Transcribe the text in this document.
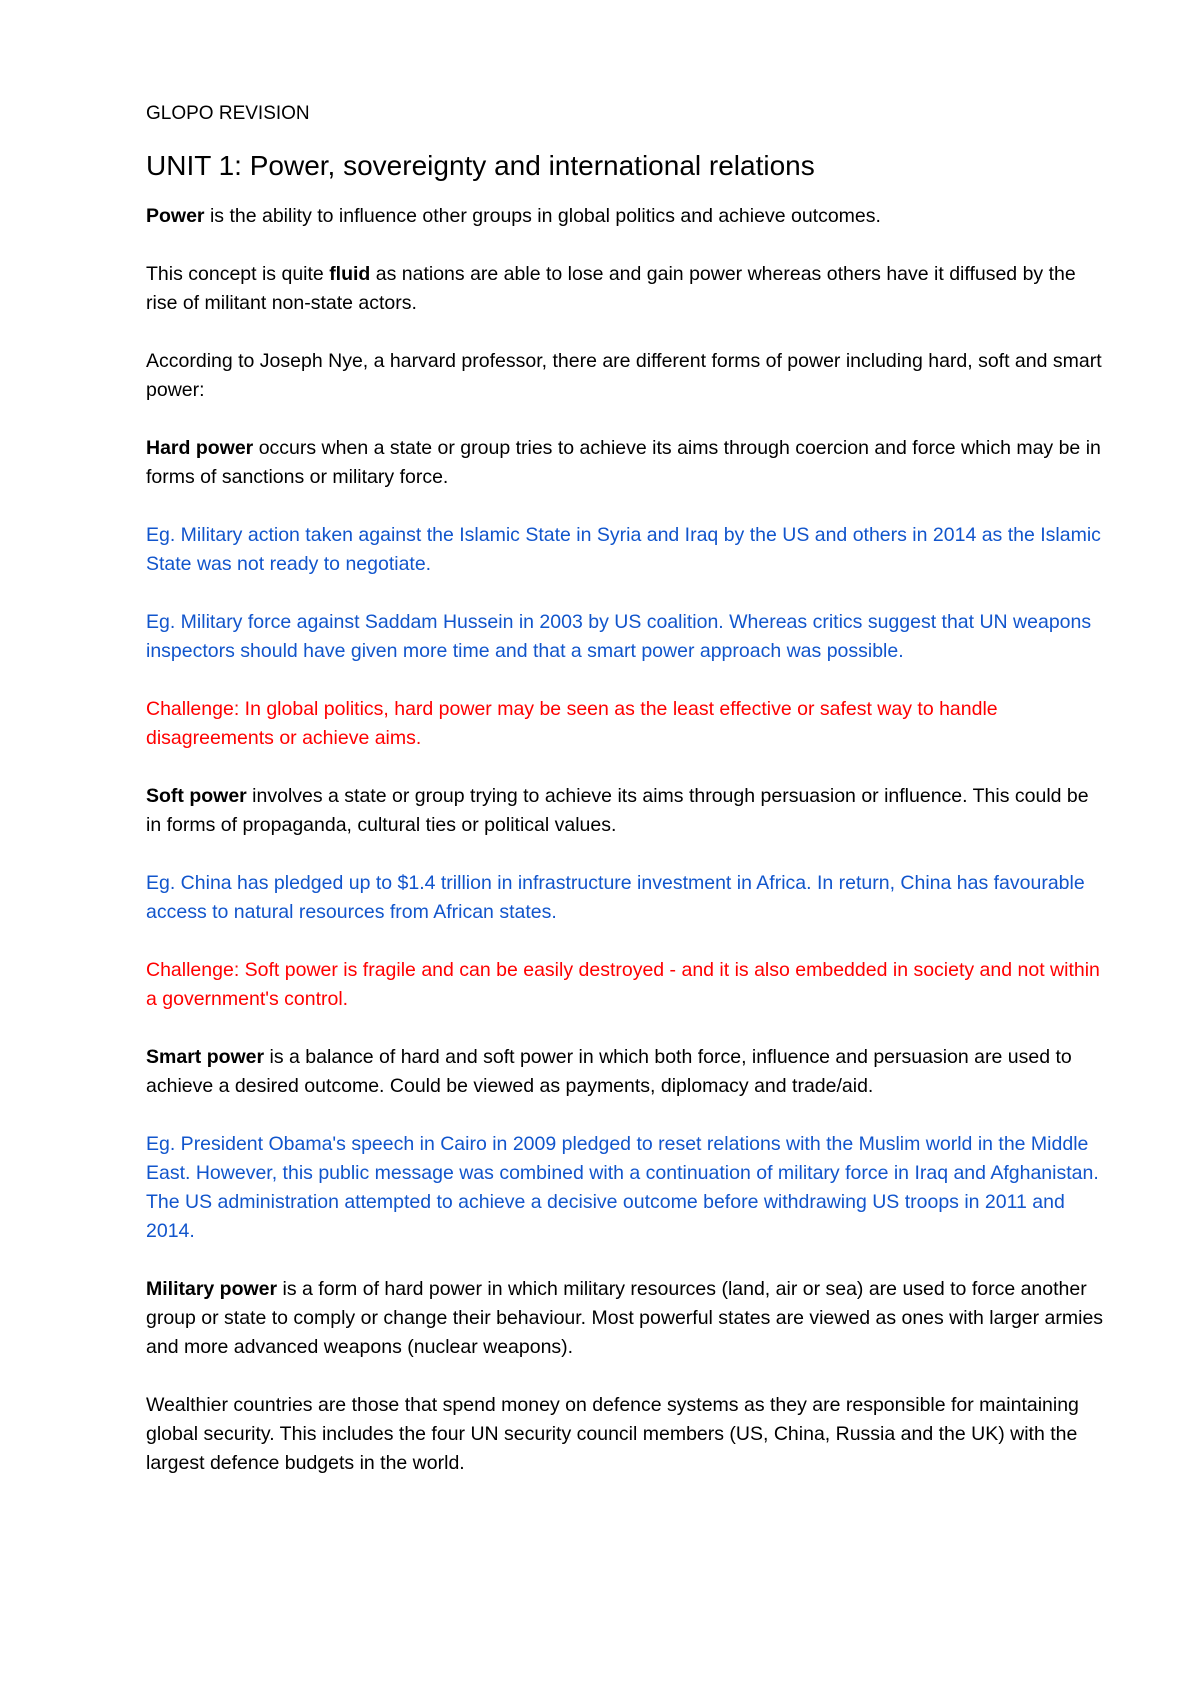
GLOPO REVISION
UNIT 1: Power, sovereignty and international relations

Power is the ability to influence other groups in global politics and achieve outcomes.

This concept is quite fluid as nations are able to lose and gain power whereas others have it diffused by the rise of militant non-state actors.

According to Joseph Nye, a harvard professor, there are different forms of power including hard, soft and smart power:

Hard power occurs when a state or group tries to achieve its aims through coercion and force which may be in forms of sanctions or military force.

Eg. Military action taken against the Islamic State in Syria and Iraq by the US and others in 2014 as the Islamic State was not ready to negotiate.

Eg. Military force against Saddam Hussein in 2003 by US coalition. Whereas critics suggest that UN weapons inspectors should have given more time and that a smart power approach was possible.

Challenge: In global politics, hard power may be seen as the least effective or safest way to handle disagreements or achieve aims.

Soft power involves a state or group trying to achieve its aims through persuasion or influence. This could be in forms of propaganda, cultural ties or political values.

Eg. China has pledged up to $1.4 trillion in infrastructure investment in Africa. In return, China has favourable access to natural resources from African states.

Challenge: Soft power is fragile and can be easily destroyed - and it is also embedded in society and not within a government's control.

Smart power is a balance of hard and soft power in which both force, influence and persuasion are used to achieve a desired outcome. Could be viewed as payments, diplomacy and trade/aid.

Eg. President Obama's speech in Cairo in 2009 pledged to reset relations with the Muslim world in the Middle East. However, this public message was combined with a continuation of military force in Iraq and Afghanistan. The US administration attempted to achieve a decisive outcome before withdrawing US troops in 2011 and 2014.

Military power is a form of hard power in which military resources (land, air or sea) are used to force another group or state to comply or change their behaviour. Most powerful states are viewed as ones with larger armies and more advanced weapons (nuclear weapons).

Wealthier countries are those that spend money on defence systems as they are responsible for maintaining global security. This includes the four UN security council members (US, China, Russia and the UK) with the largest defence budgets in the world.
